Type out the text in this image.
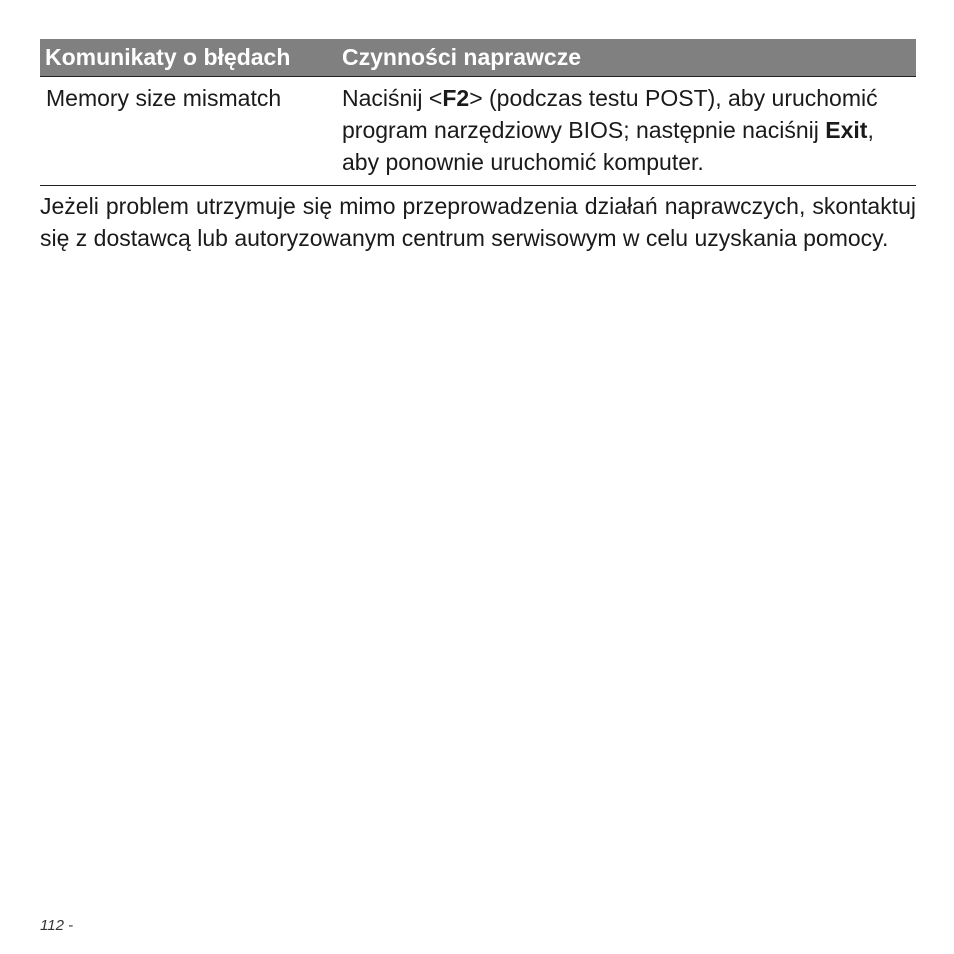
Komunikaty o błędach	Czynności naprawcze
Memory size mismatch	Naciśnij <F2> (podczas testu POST), aby uruchomić program narzędziowy BIOS; następnie naciśnij Exit, aby ponownie uruchomić komputer.

Jeżeli problem utrzymuje się mimo przeprowadzenia działań naprawczych, skontaktuj się z dostawcą lub autoryzowanym centrum serwisowym w celu uzyskania pomocy.

112 -
